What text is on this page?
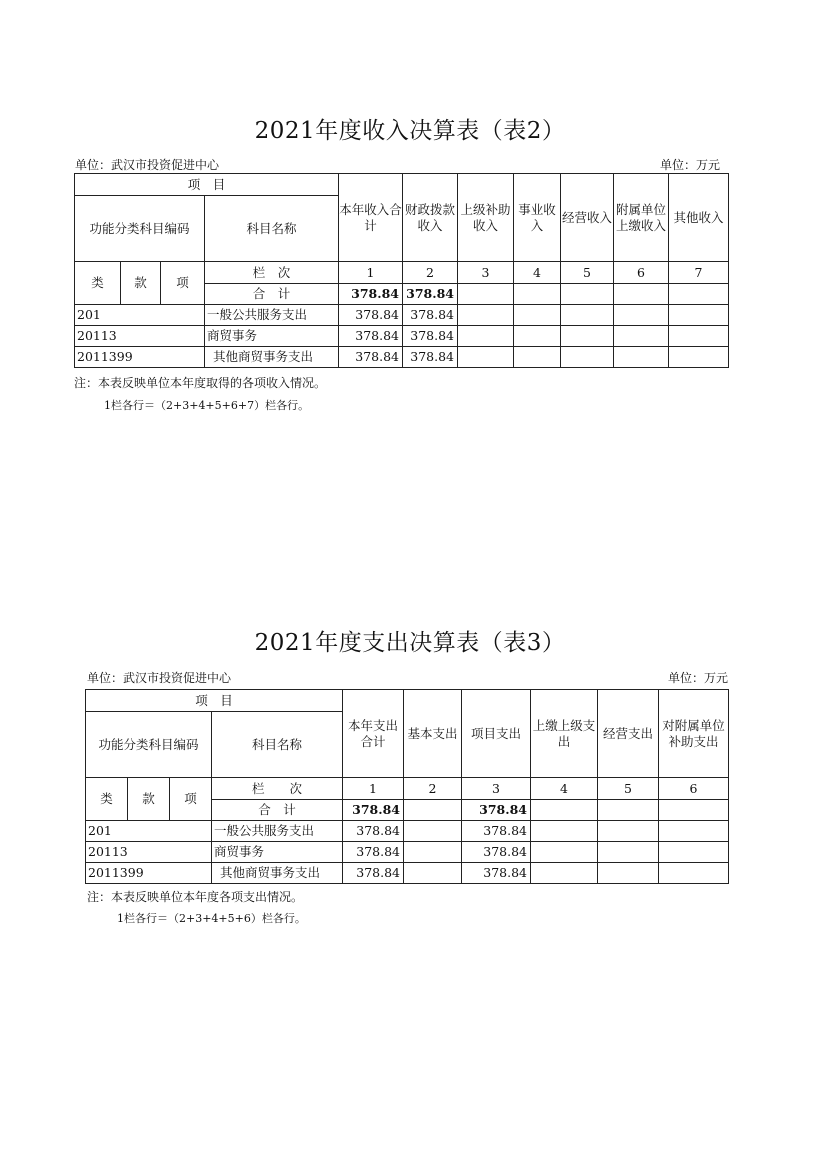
2021年度收入决算表（表2）
单位：武汉市投资促进中心	单位：万元
项　目				本年收入合计	财政拨款收入	上级补助收入	事业收入	经营收入	附属单位上缴收入	其他收入
功能分类科目编码			科目名称							
类	款	项	栏　次	1	2	3	4	5	6	7
			合　计	378.84	378.84					
201			一般公共服务支出	378.84	378.84					
20113			商贸事务	378.84	378.84					
2011399			其他商贸事务支出	378.84	378.84					
注：本表反映单位本年度取得的各项收入情况。
1栏各行＝（2+3+4+5+6+7）栏各行。
2021年度支出决算表（表3）
单位：武汉市投资促进中心	单位：万元
项　目				本年支出合计	基本支出	项目支出	上缴上级支出	经营支出	对附属单位补助支出
功能分类科目编码			科目名称						
类	款	项	栏　　次	1	2	3	4	5	6
			合　计	378.84		378.84			
201			一般公共服务支出	378.84		378.84			
20113			商贸事务	378.84		378.84			
2011399			其他商贸事务支出	378.84		378.84			
注：本表反映单位本年度各项支出情况。
1栏各行＝（2+3+4+5+6）栏各行。
